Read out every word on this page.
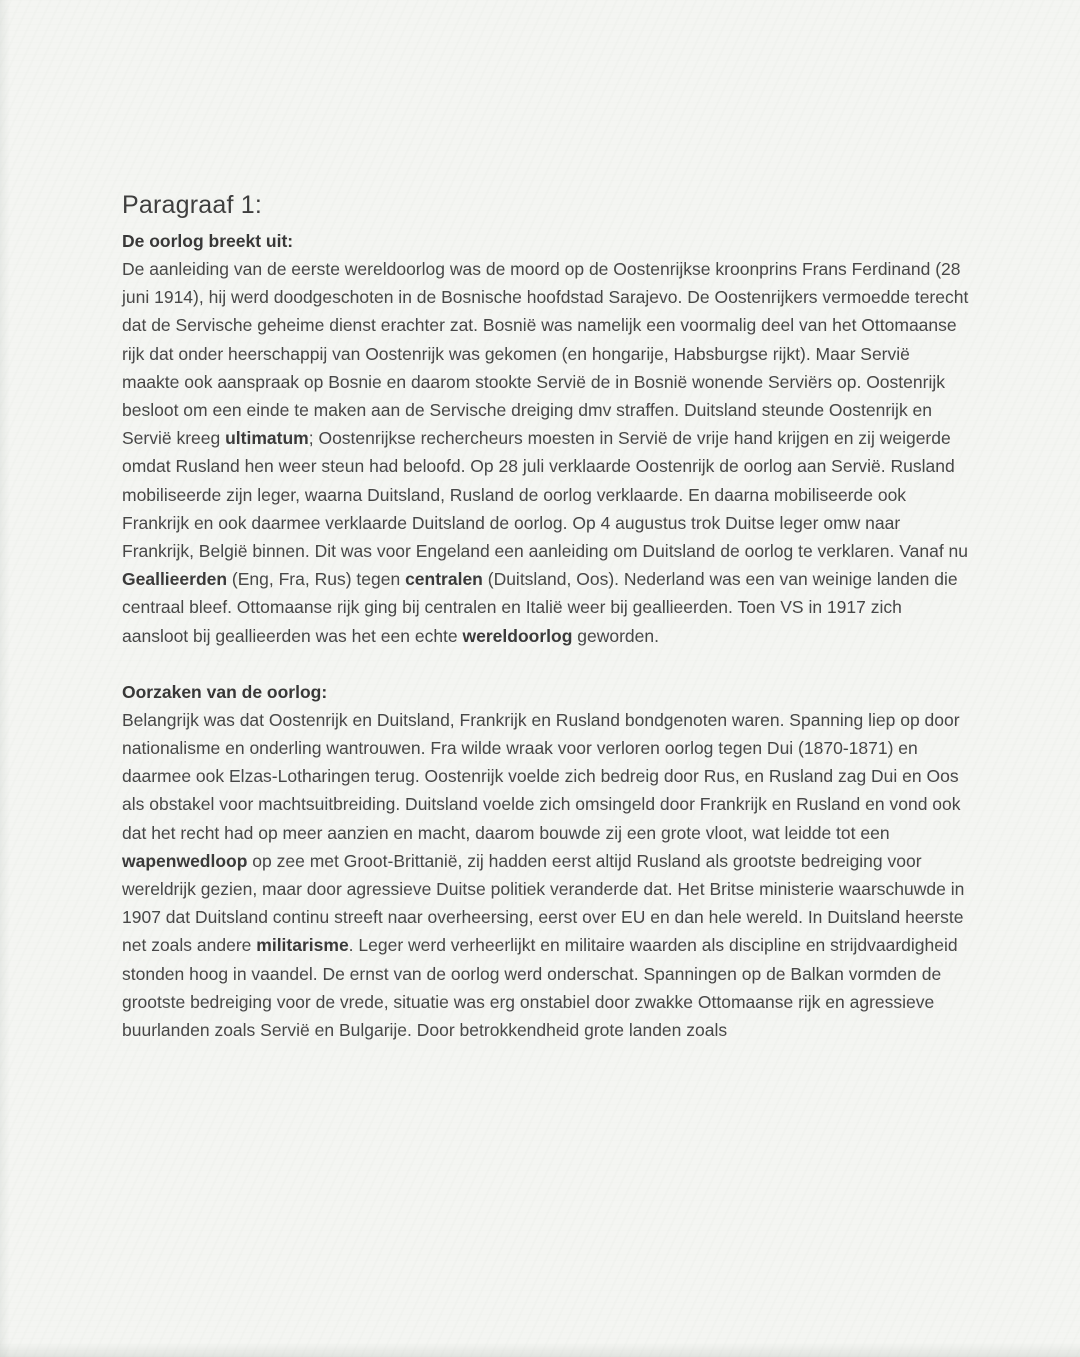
Paragraaf 1:
De oorlog breekt uit:

De aanleiding van de eerste wereldoorlog was de moord op de Oostenrijkse kroonprins Frans Ferdinand (28 juni 1914), hij werd doodgeschoten in de Bosnische hoofdstad Sarajevo. De Oostenrijkers vermoedde terecht dat de Servische geheime dienst erachter zat. Bosnië was namelijk een voormalig deel van het Ottomaanse rijk dat onder heerschappij van Oostenrijk was gekomen (en hongarije, Habsburgse rijkt). Maar Servië maakte ook aanspraak op Bosnie en daarom stookte Servië de in Bosnië wonende Serviërs op. Oostenrijk besloot om een einde te maken aan de Servische dreiging dmv straffen. Duitsland steunde Oostenrijk en Servië kreeg ultimatum; Oostenrijkse rechercheurs moesten in Servië de vrije hand krijgen en zij weigerde omdat Rusland hen weer steun had beloofd. Op 28 juli verklaarde Oostenrijk de oorlog aan Servië. Rusland mobiliseerde zijn leger, waarna Duitsland, Rusland de oorlog verklaarde. En daarna mobiliseerde ook Frankrijk en ook daarmee verklaarde Duitsland de oorlog. Op 4 augustus trok Duitse leger omw naar Frankrijk, België binnen. Dit was voor Engeland een aanleiding om Duitsland de oorlog te verklaren. Vanaf nu Geallieerden (Eng, Fra, Rus) tegen centralen (Duitsland, Oos). Nederland was een van weinige landen die centraal bleef. Ottomaanse rijk ging bij centralen en Italië weer bij geallieerden. Toen VS in 1917 zich aansloot bij geallieerden was het een echte wereldoorlog geworden.

Oorzaken van de oorlog:

Belangrijk was dat Oostenrijk en Duitsland, Frankrijk en Rusland bondgenoten waren. Spanning liep op door nationalisme en onderling wantrouwen. Fra wilde wraak voor verloren oorlog tegen Dui (1870-1871) en daarmee ook Elzas-Lotharingen terug. Oostenrijk voelde zich bedreig door Rus, en Rusland zag Dui en Oos als obstakel voor machtsuitbreiding. Duitsland voelde zich omsingeld door Frankrijk en Rusland en vond ook dat het recht had op meer aanzien en macht, daarom bouwde zij een grote vloot, wat leidde tot een wapenwedloop op zee met Groot-Brittanië, zij hadden eerst altijd Rusland als grootste bedreiging voor wereldrijk gezien, maar door agressieve Duitse politiek veranderde dat. Het Britse ministerie waarschuwde in 1907 dat Duitsland continu streeft naar overheersing, eerst over EU en dan hele wereld. In Duitsland heerste net zoals andere militarisme. Leger werd verheerlijkt en militaire waarden als discipline en strijdvaardigheid stonden hoog in vaandel. De ernst van de oorlog werd onderschat. Spanningen op de Balkan vormden de grootste bedreiging voor de vrede, situatie was erg onstabiel door zwakke Ottomaanse rijk en agressieve buurlanden zoals Servië en Bulgarije. Door betrokkendheid grote landen zoals
